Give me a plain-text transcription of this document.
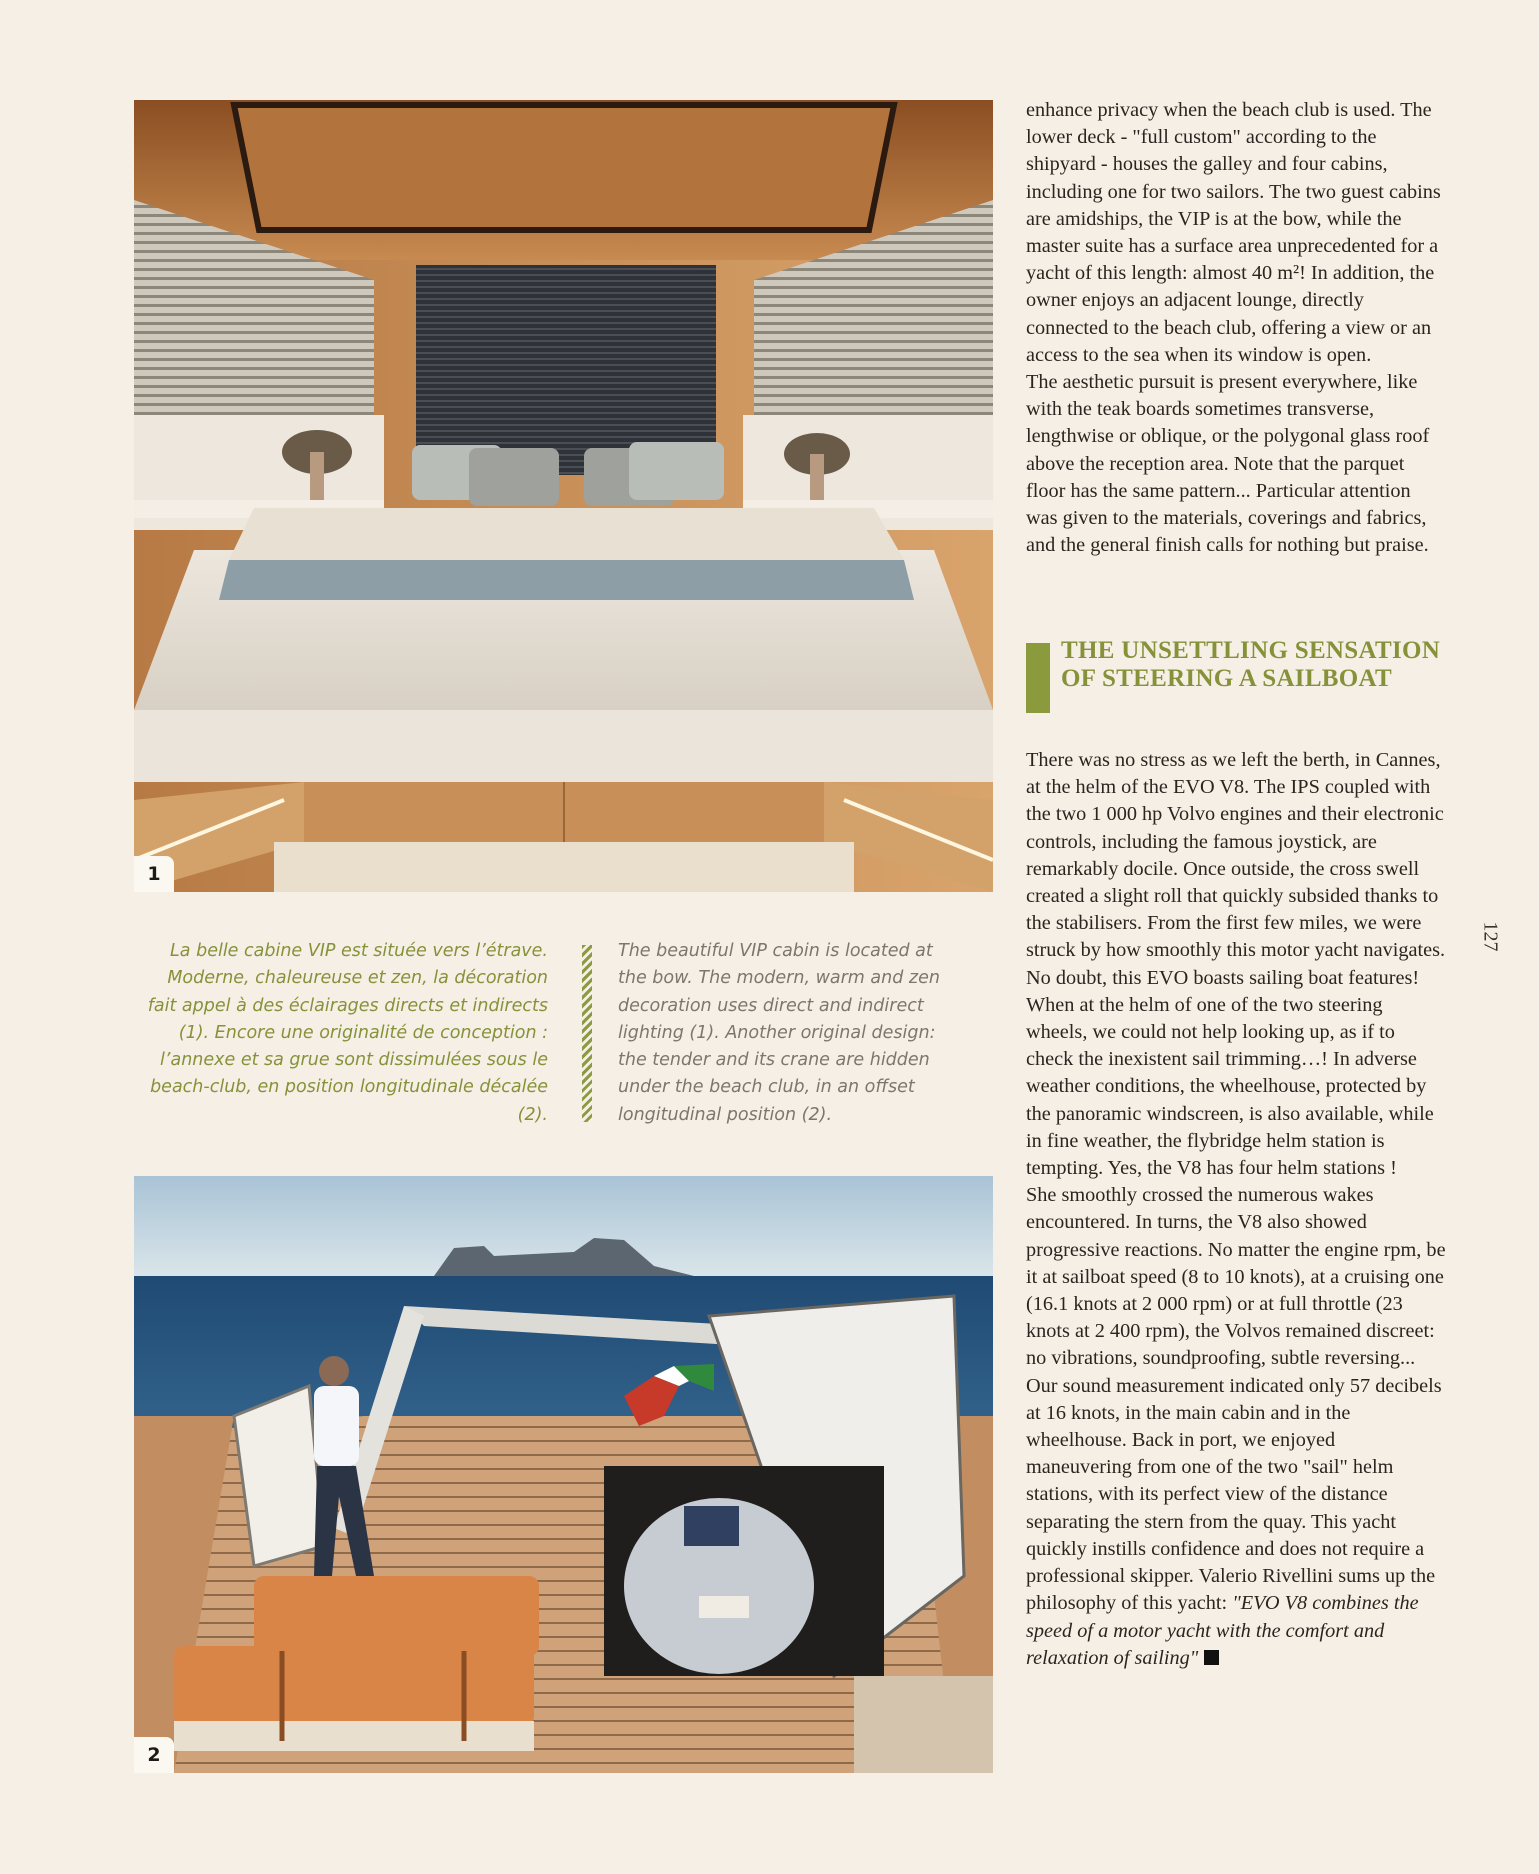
1
La belle cabine VIP est située vers l’étrave. Moderne, chaleureuse et zen, la décoration fait appel à des éclairages directs et indirects (1). Encore une originalité de conception : l’annexe et sa grue sont dissimulées sous le beach-club, en position longitudinale décalée (2).
The beautiful VIP cabin is located at the bow. The modern, warm and zen decoration uses direct and indirect lighting (1). Another original design: the tender and its crane are hidden under the beach club, in an offset longitudinal position (2).
2

enhance privacy when the beach club is used. The lower deck - "full custom" according to the shipyard - houses the galley and four cabins, including one for two sailors. The two guest cabins are amidships, the VIP is at the bow, while the master suite has a surface area unprecedented for a yacht of this length: almost 40 m²! In addition, the owner enjoys an adjacent lounge, directly connected to the beach club, offering a view or an access to the sea when its window is open.

The aesthetic pursuit is present everywhere, like with the teak boards sometimes transverse, lengthwise or oblique, or the polygonal glass roof above the reception area. Note that the parquet floor has the same pattern... Particular attention was given to the materials, coverings and fabrics, and the general finish calls for nothing but praise.

THE UNSETTLING SENSATION OF STEERING A SAILBOAT

There was no stress as we left the berth, in Cannes, at the helm of the EVO V8. The IPS coupled with the two 1 000 hp Volvo engines and their electronic controls, including the famous joystick, are remarkably docile. Once outside, the cross swell created a slight roll that quickly subsided thanks to the stabilisers. From the first few miles, we were struck by how smoothly this motor yacht navigates. No doubt, this EVO boasts sailing boat features! When at the helm of one of the two steering wheels, we could not help looking up, as if to check the inexistent sail trimming…! In adverse weather conditions, the wheelhouse, protected by the panoramic windscreen, is also available, while in fine weather, the flybridge helm station is tempting. Yes, the V8 has four helm stations !

She smoothly crossed the numerous wakes encountered. In turns, the V8 also showed progressive reactions. No matter the engine rpm, be it at sailboat speed (8 to 10 knots), at a cruising one (16.1 knots at 2 000 rpm) or at full throttle (23 knots at 2 400 rpm), the Volvos remained discreet: no vibrations, soundproofing, subtle reversing... Our sound measurement indicated only 57 decibels at 16 knots, in the main cabin and in the wheelhouse. Back in port, we enjoyed maneuvering from one of the two "sail" helm stations, with its perfect view of the distance separating the stern from the quay. This yacht quickly instills confidence and does not require a professional skipper. Valerio Rivellini sums up the philosophy of this yacht: "EVO V8 combines the speed of a motor yacht with the comfort and relaxation of sailing"

127
